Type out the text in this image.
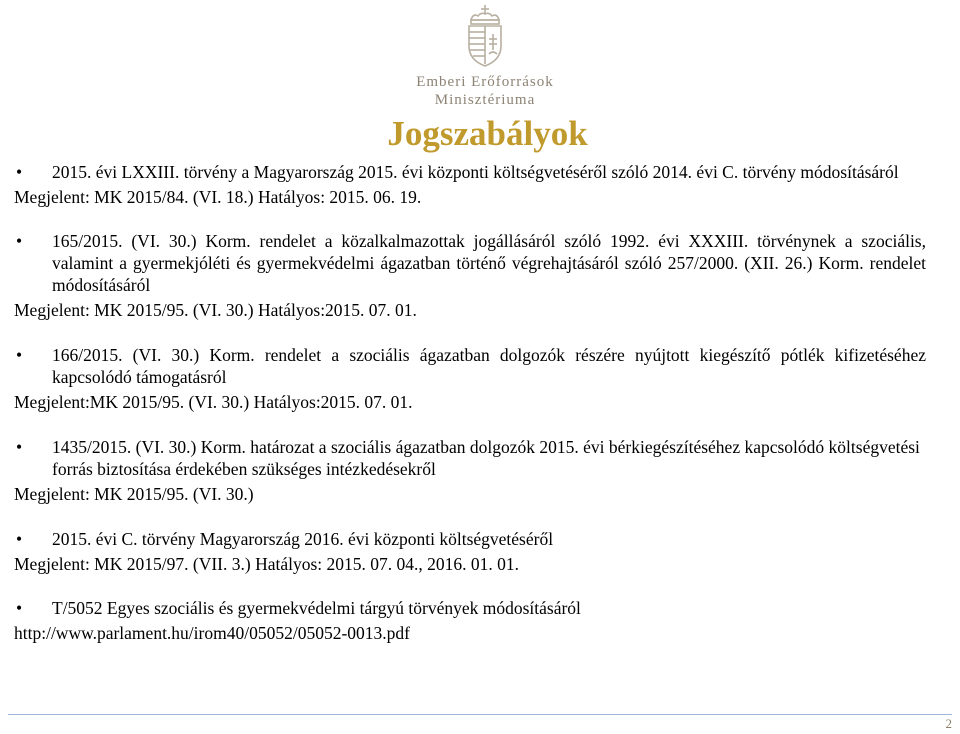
Emberi Erőforrások
Minisztériuma
Jogszabályok
• 2015. évi LXXIII. törvény a Magyarország 2015. évi központi költségvetéséről szóló 2014. évi C. törvény módosításáról
Megjelent: MK 2015/84. (VI. 18.) Hatályos: 2015. 06. 19.
• 165/2015. (VI. 30.) Korm. rendelet a közalkalmazottak jogállásáról szóló 1992. évi XXXIII. törvénynek a szociális, valamint a gyermekjóléti és gyermekvédelmi ágazatban történő végrehajtásáról szóló 257/2000. (XII. 26.) Korm. rendelet módosításáról
Megjelent: MK 2015/95. (VI. 30.) Hatályos:2015. 07. 01.
• 166/2015. (VI. 30.) Korm. rendelet a szociális ágazatban dolgozók részére nyújtott kiegészítő pótlék kifizetéséhez kapcsolódó támogatásról
Megjelent:MK 2015/95. (VI. 30.) Hatályos:2015. 07. 01.
• 1435/2015. (VI. 30.) Korm. határozat a szociális ágazatban dolgozók 2015. évi bérkiegészítéséhez kapcsolódó költségvetési forrás biztosítása érdekében szükséges intézkedésekről
Megjelent: MK 2015/95. (VI. 30.)
• 2015. évi C. törvény Magyarország 2016. évi központi költségvetéséről
Megjelent: MK 2015/97. (VII. 3.) Hatályos: 2015. 07. 04., 2016. 01. 01.
• T/5052 Egyes szociális és gyermekvédelmi tárgyú törvények módosításáról
http://www.parlament.hu/irom40/05052/05052-0013.pdf
2
